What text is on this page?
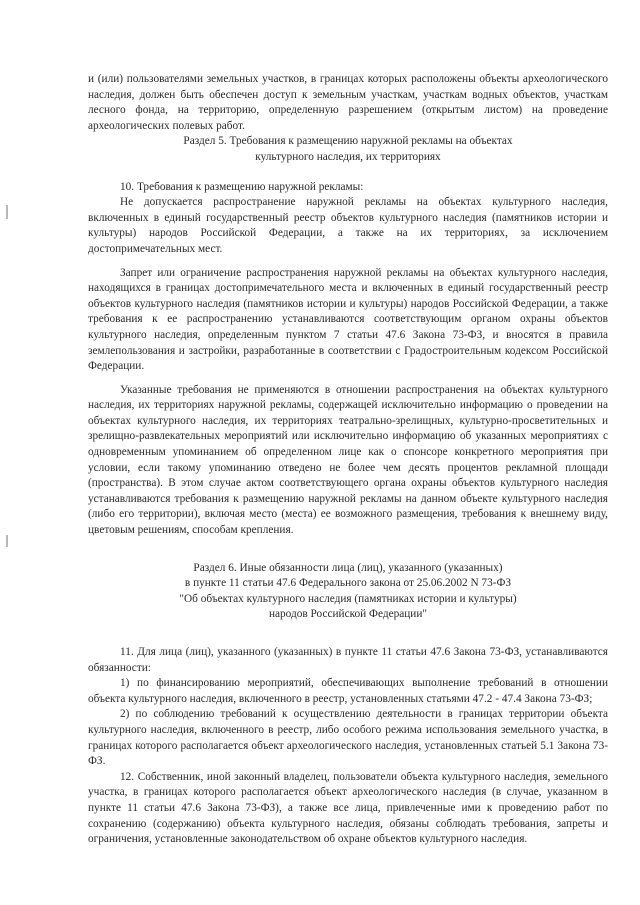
и (или) пользователями земельных участков, в границах которых расположены объекты археологического наследия, должен быть обеспечен доступ к земельным участкам, участкам водных объектов, участкам лесного фонда, на территорию, определенную разрешением (открытым листом) на проведение археологических полевых работ.

Раздел 5. Требования к размещению наружной рекламы на объектах

культурного наследия, их территориях

10. Требования к размещению наружной рекламы:

Не допускается распространение наружной рекламы на объектах культурного наследия, включенных в единый государственный реестр объектов культурного наследия (памятников истории и культуры) народов Российской Федерации, а также на их территориях, за исключением достопримечательных мест.

Запрет или ограничение распространения наружной рекламы на объектах культурного наследия, находящихся в границах достопримечательного места и включенных в единый государственный реестр объектов культурного наследия (памятников истории и культуры) народов Российской Федерации, а также требования к ее распространению устанавливаются соответствующим органом охраны объектов культурного наследия, определенным пунктом 7 статьи 47.6 Закона 73-ФЗ, и вносятся в правила землепользования и застройки, разработанные в соответствии с Градостроительным кодексом Российской Федерации.

Указанные требования не применяются в отношении распространения на объектах культурного наследия, их территориях наружной рекламы, содержащей исключительно информацию о проведении на объектах культурного наследия, их территориях театрально-зрелищных, культурно-просветительных и зрелищно-развлекательных мероприятий или исключительно информацию об указанных мероприятиях с одновременным упоминанием об определенном лице как о спонсоре конкретного мероприятия при условии, если такому упоминанию отведено не более чем десять процентов рекламной площади (пространства). В этом случае актом соответствующего органа охраны объектов культурного наследия устанавливаются требования к размещению наружной рекламы на данном объекте культурного наследия (либо его территории), включая место (места) ее возможного размещения, требования к внешнему виду, цветовым решениям, способам крепления.

Раздел 6. Иные обязанности лица (лиц), указанного (указанных)

в пункте 11 статьи 47.6 Федерального закона от 25.06.2002 N 73-ФЗ

"Об объектах культурного наследия (памятниках истории и культуры)

народов Российской Федерации"

11. Для лица (лиц), указанного (указанных) в пункте 11 статьи 47.6 Закона 73-ФЗ, устанавливаются обязанности:

1) по финансированию мероприятий, обеспечивающих выполнение требований в отношении объекта культурного наследия, включенного в реестр, установленных статьями 47.2 - 47.4 Закона 73-ФЗ;

2) по соблюдению требований к осуществлению деятельности в границах территории объекта культурного наследия, включенного в реестр, либо особого режима использования земельного участка, в границах которого располагается объект археологического наследия, установленных статьей 5.1 Закона 73-ФЗ.

12. Собственник, иной законный владелец, пользователи объекта культурного наследия, земельного участка, в границах которого располагается объект археологического наследия (в случае, указанном в пункте 11 статьи 47.6 Закона 73-ФЗ), а также все лица, привлеченные ими к проведению работ по сохранению (содержанию) объекта культурного наследия, обязаны соблюдать требования, запреты и ограничения, установленные законодательством об охране объектов культурного наследия.
